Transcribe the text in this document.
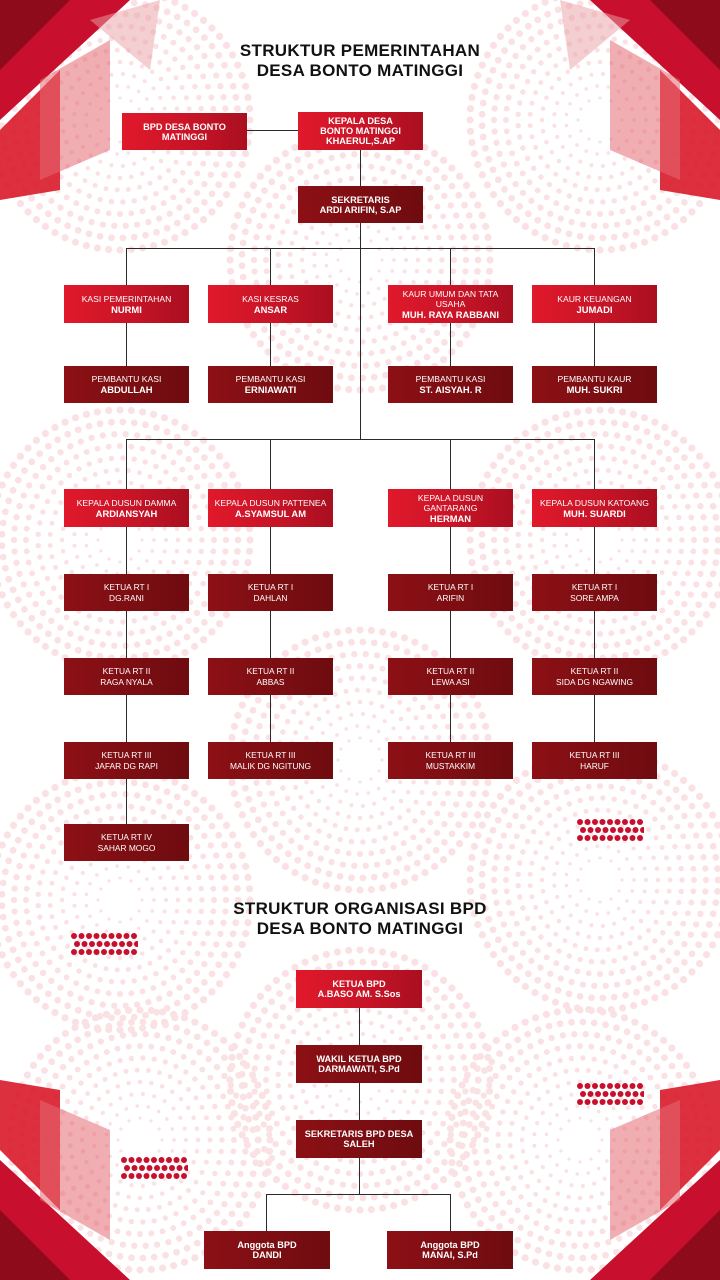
STRUKTUR PEMERINTAHAN
DESA BONTO MATINGGI
STRUKTUR ORGANISASI BPD
DESA BONTO MATINGGI
BPD DESA BONTO
MATINGGI
KEPALA DESA
BONTO MATINGGI
KHAERUL,S.AP
SEKRETARIS
ARDI ARIFIN, S.AP
KASI PEMERINTAHAN
NURMI
KASI KESRAS
ANSAR
KAUR UMUM DAN TATA USAHA
MUH. RAYA RABBANI
KAUR KEUANGAN
JUMADI
PEMBANTU KASI
ABDULLAH
PEMBANTU KASI
ERNIAWATI
PEMBANTU KASI
ST. AISYAH. R
PEMBANTU KAUR
MUH. SUKRI
KEPALA DUSUN DAMMA
ARDIANSYAH
KEPALA DUSUN PATTENEA
A.SYAMSUL AM
KEPALA DUSUN GANTARANG
HERMAN
KEPALA DUSUN KATOANG
MUH. SUARDI
KETUA RT I
DG.RANI
KETUA RT II
RAGA NYALA
KETUA RT III
JAFAR DG RAPI
KETUA RT IV
SAHAR MOGO
KETUA RT I
DAHLAN
KETUA RT II
ABBAS
KETUA RT III
MALIK DG NGITUNG
KETUA RT I
ARIFIN
KETUA RT II
LEWA ASI
KETUA RT III
MUSTAKKIM
KETUA RT I
SORE AMPA
KETUA RT II
SIDA DG NGAWING
KETUA RT III
HARUF
KETUA BPD
A.BASO AM. S.Sos
WAKIL KETUA BPD
DARMAWATI, S.Pd
SEKRETARIS BPD DESA
SALEH
Anggota BPD
DANDI
Anggota BPD
MANAI, S.Pd
